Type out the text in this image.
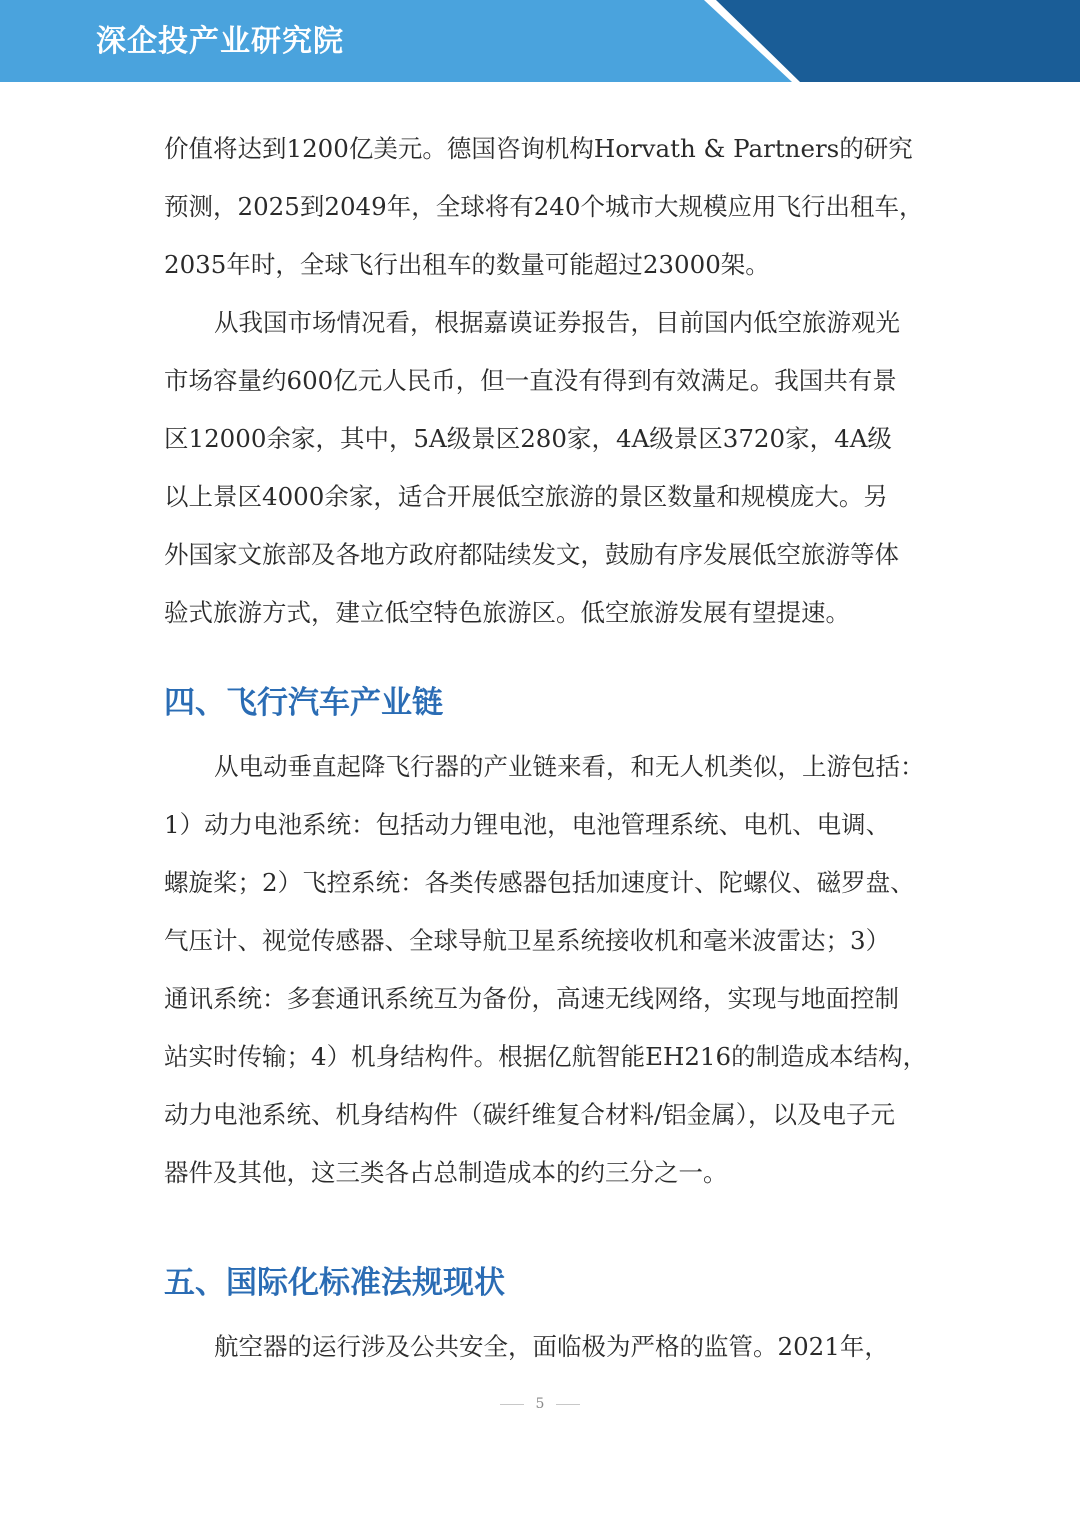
深企投产业研究院
价值将达到1200亿美元。德国咨询机构Horvath & Partners的研究
预测，2025到2049年，全球将有240个城市大规模应用飞行出租车，
2035年时，全球飞行出租车的数量可能超过23000架。
从我国市场情况看，根据嘉谟证券报告，目前国内低空旅游观光
市场容量约600亿元人民币，但一直没有得到有效满足。我国共有景
区12000余家，其中，5A级景区280家，4A级景区3720家，4A级
以上景区4000余家，适合开展低空旅游的景区数量和规模庞大。另
外国家文旅部及各地方政府都陆续发文，鼓励有序发展低空旅游等体
验式旅游方式，建立低空特色旅游区。低空旅游发展有望提速。
四、飞行汽车产业链
从电动垂直起降飞行器的产业链来看，和无人机类似，上游包括：
1）动力电池系统：包括动力锂电池，电池管理系统、电机、电调、
螺旋桨；2）飞控系统：各类传感器包括加速度计、陀螺仪、磁罗盘、
气压计、视觉传感器、全球导航卫星系统接收机和毫米波雷达；3）
通讯系统：多套通讯系统互为备份，高速无线网络，实现与地面控制
站实时传输；4）机身结构件。根据亿航智能EH216的制造成本结构，
动力电池系统、机身结构件（碳纤维复合材料/铝金属），以及电子元
器件及其他，这三类各占总制造成本的约三分之一。
五、国际化标准法规现状
航空器的运行涉及公共安全，面临极为严格的监管。2021年，
5
